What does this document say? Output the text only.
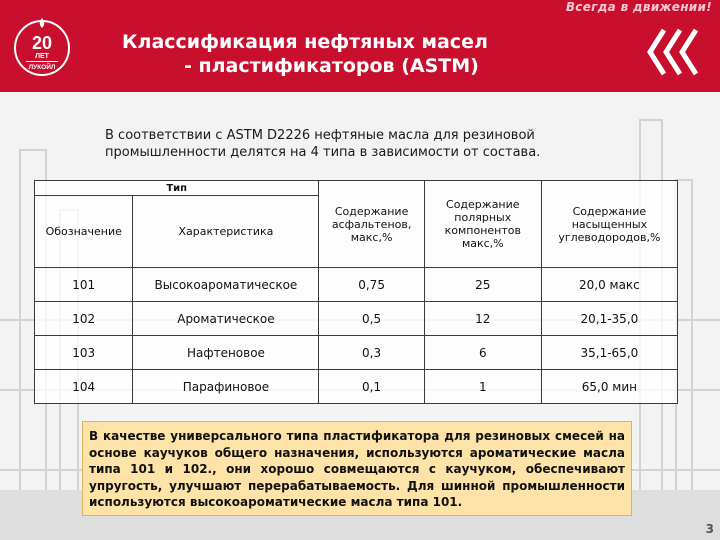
Всегда в движении!
20
ЛЕТ
ЛУКОЙЛ
Классификация нефтяных масел
- пластификаторов (ASTM)
В соответствии с ASTM D2226 нефтяные масла для резиновой промышленности делятся на 4 типа в зависимости от состава.
Тип		Содержание асфальтенов, макс,%	Содержание полярных компонентов макс,%	Содержание насыщенных углеводородов,%
Обозначение	Характеристика			
101	Высокоароматическое	0,75	25	20,0 макс
102	Ароматическое	0,5	12	20,1-35,0
103	Нафтеновое	0,3	6	35,1-65,0
104	Парафиновое	0,1	1	65,0 мин
В качестве универсального типа пластификатора для резиновых смесей на основе каучуков общего назначения, используются ароматические масла типа 101 и 102., они хорошо совмещаются с каучуком, обеспечивают упругость, улучшают перерабатываемость. Для шинной промышленности используются высокоароматические масла типа 101.
3
